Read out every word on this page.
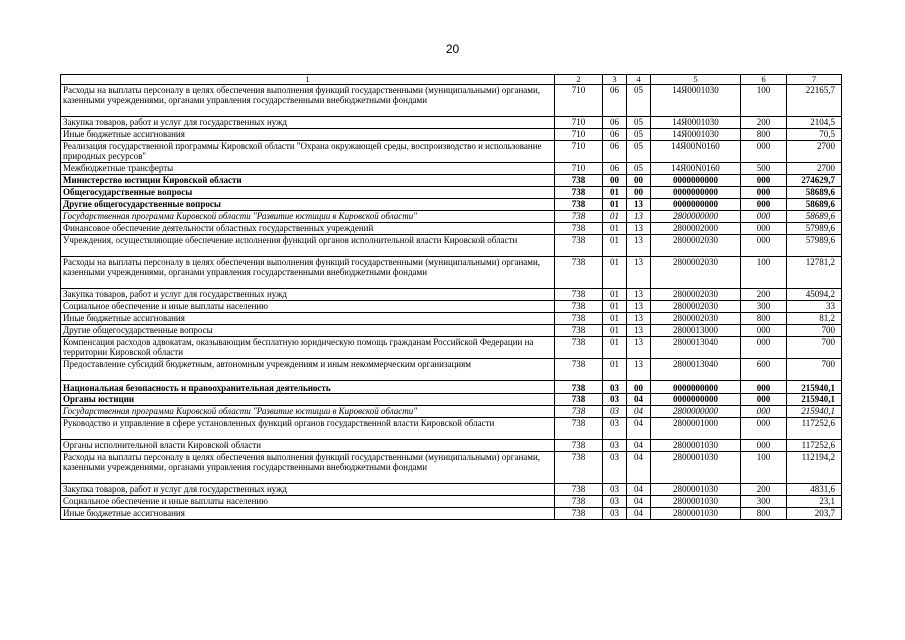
20
1	2	3	4	5	6	7
Расходы на выплаты персоналу в целях обеспечения выполнения функций государственными (муниципальными) органами, казенными учреждениями, органами управления государственными внебюджетными фондами	710	06	05	14Я0001030	100	22165,7
Закупка товаров, работ и услуг для государственных нужд	710	06	05	14Я0001030	200	2104,5
Иные бюджетные ассигнования	710	06	05	14Я0001030	800	70,5
Реализация государственной программы Кировской области "Охрана окружающей среды, воспроизводство и использование природных ресурсов"	710	06	05	14Я00N0160	000	2700
Межбюджетные трансферты	710	06	05	14Я00N0160	500	2700
Министерство юстиции Кировской области	738	00	00	0000000000	000	274629,7
Общегосударственные вопросы	738	01	00	0000000000	000	58689,6
Другие общегосударственные вопросы	738	01	13	0000000000	000	58689,6
Государственная программа Кировской области "Развитие юстиции в Кировской области"	738	01	13	2800000000	000	58689,6
Финансовое обеспечение деятельности областных государственных учреждений	738	01	13	2800002000	000	57989,6
Учреждения, осуществляющие обеспечение исполнения функций органов исполнительной власти Кировской области	738	01	13	2800002030	000	57989,6
Расходы на выплаты персоналу в целях обеспечения выполнения функций государственными (муниципальными) органами, казенными учреждениями, органами управления государственными внебюджетными фондами	738	01	13	2800002030	100	12781,2
Закупка товаров, работ и услуг для государственных нужд	738	01	13	2800002030	200	45094,2
Социальное обеспечение и иные выплаты населению	738	01	13	2800002030	300	33
Иные бюджетные ассигнования	738	01	13	2800002030	800	81,2
Другие общегосударственные вопросы	738	01	13	2800013000	000	700
Компенсация расходов адвокатам, оказывающим бесплатную юридическую помощь гражданам Российской Федерации на территории Кировской области	738	01	13	2800013040	000	700
Предоставление субсидий бюджетным, автономным учреждениям и иным некоммерческим организациям	738	01	13	2800013040	600	700
Национальная безопасность и правоохранительная деятельность	738	03	00	0000000000	000	215940,1
Органы юстиции	738	03	04	0000000000	000	215940,1
Государственная программа Кировской области "Развитие юстиции в Кировской области"	738	03	04	2800000000	000	215940,1
Руководство и управление в сфере установленных функций органов государственной власти Кировской области	738	03	04	2800001000	000	117252,6
Органы исполнительной власти Кировской области	738	03	04	2800001030	000	117252,6
Расходы на выплаты персоналу в целях обеспечения выполнения функций государственными (муниципальными) органами, казенными учреждениями, органами управления государственными внебюджетными фондами	738	03	04	2800001030	100	112194,2
Закупка товаров, работ и услуг для государственных нужд	738	03	04	2800001030	200	4831,6
Социальное обеспечение и иные выплаты населению	738	03	04	2800001030	300	23,1
Иные бюджетные ассигнования	738	03	04	2800001030	800	203,7
